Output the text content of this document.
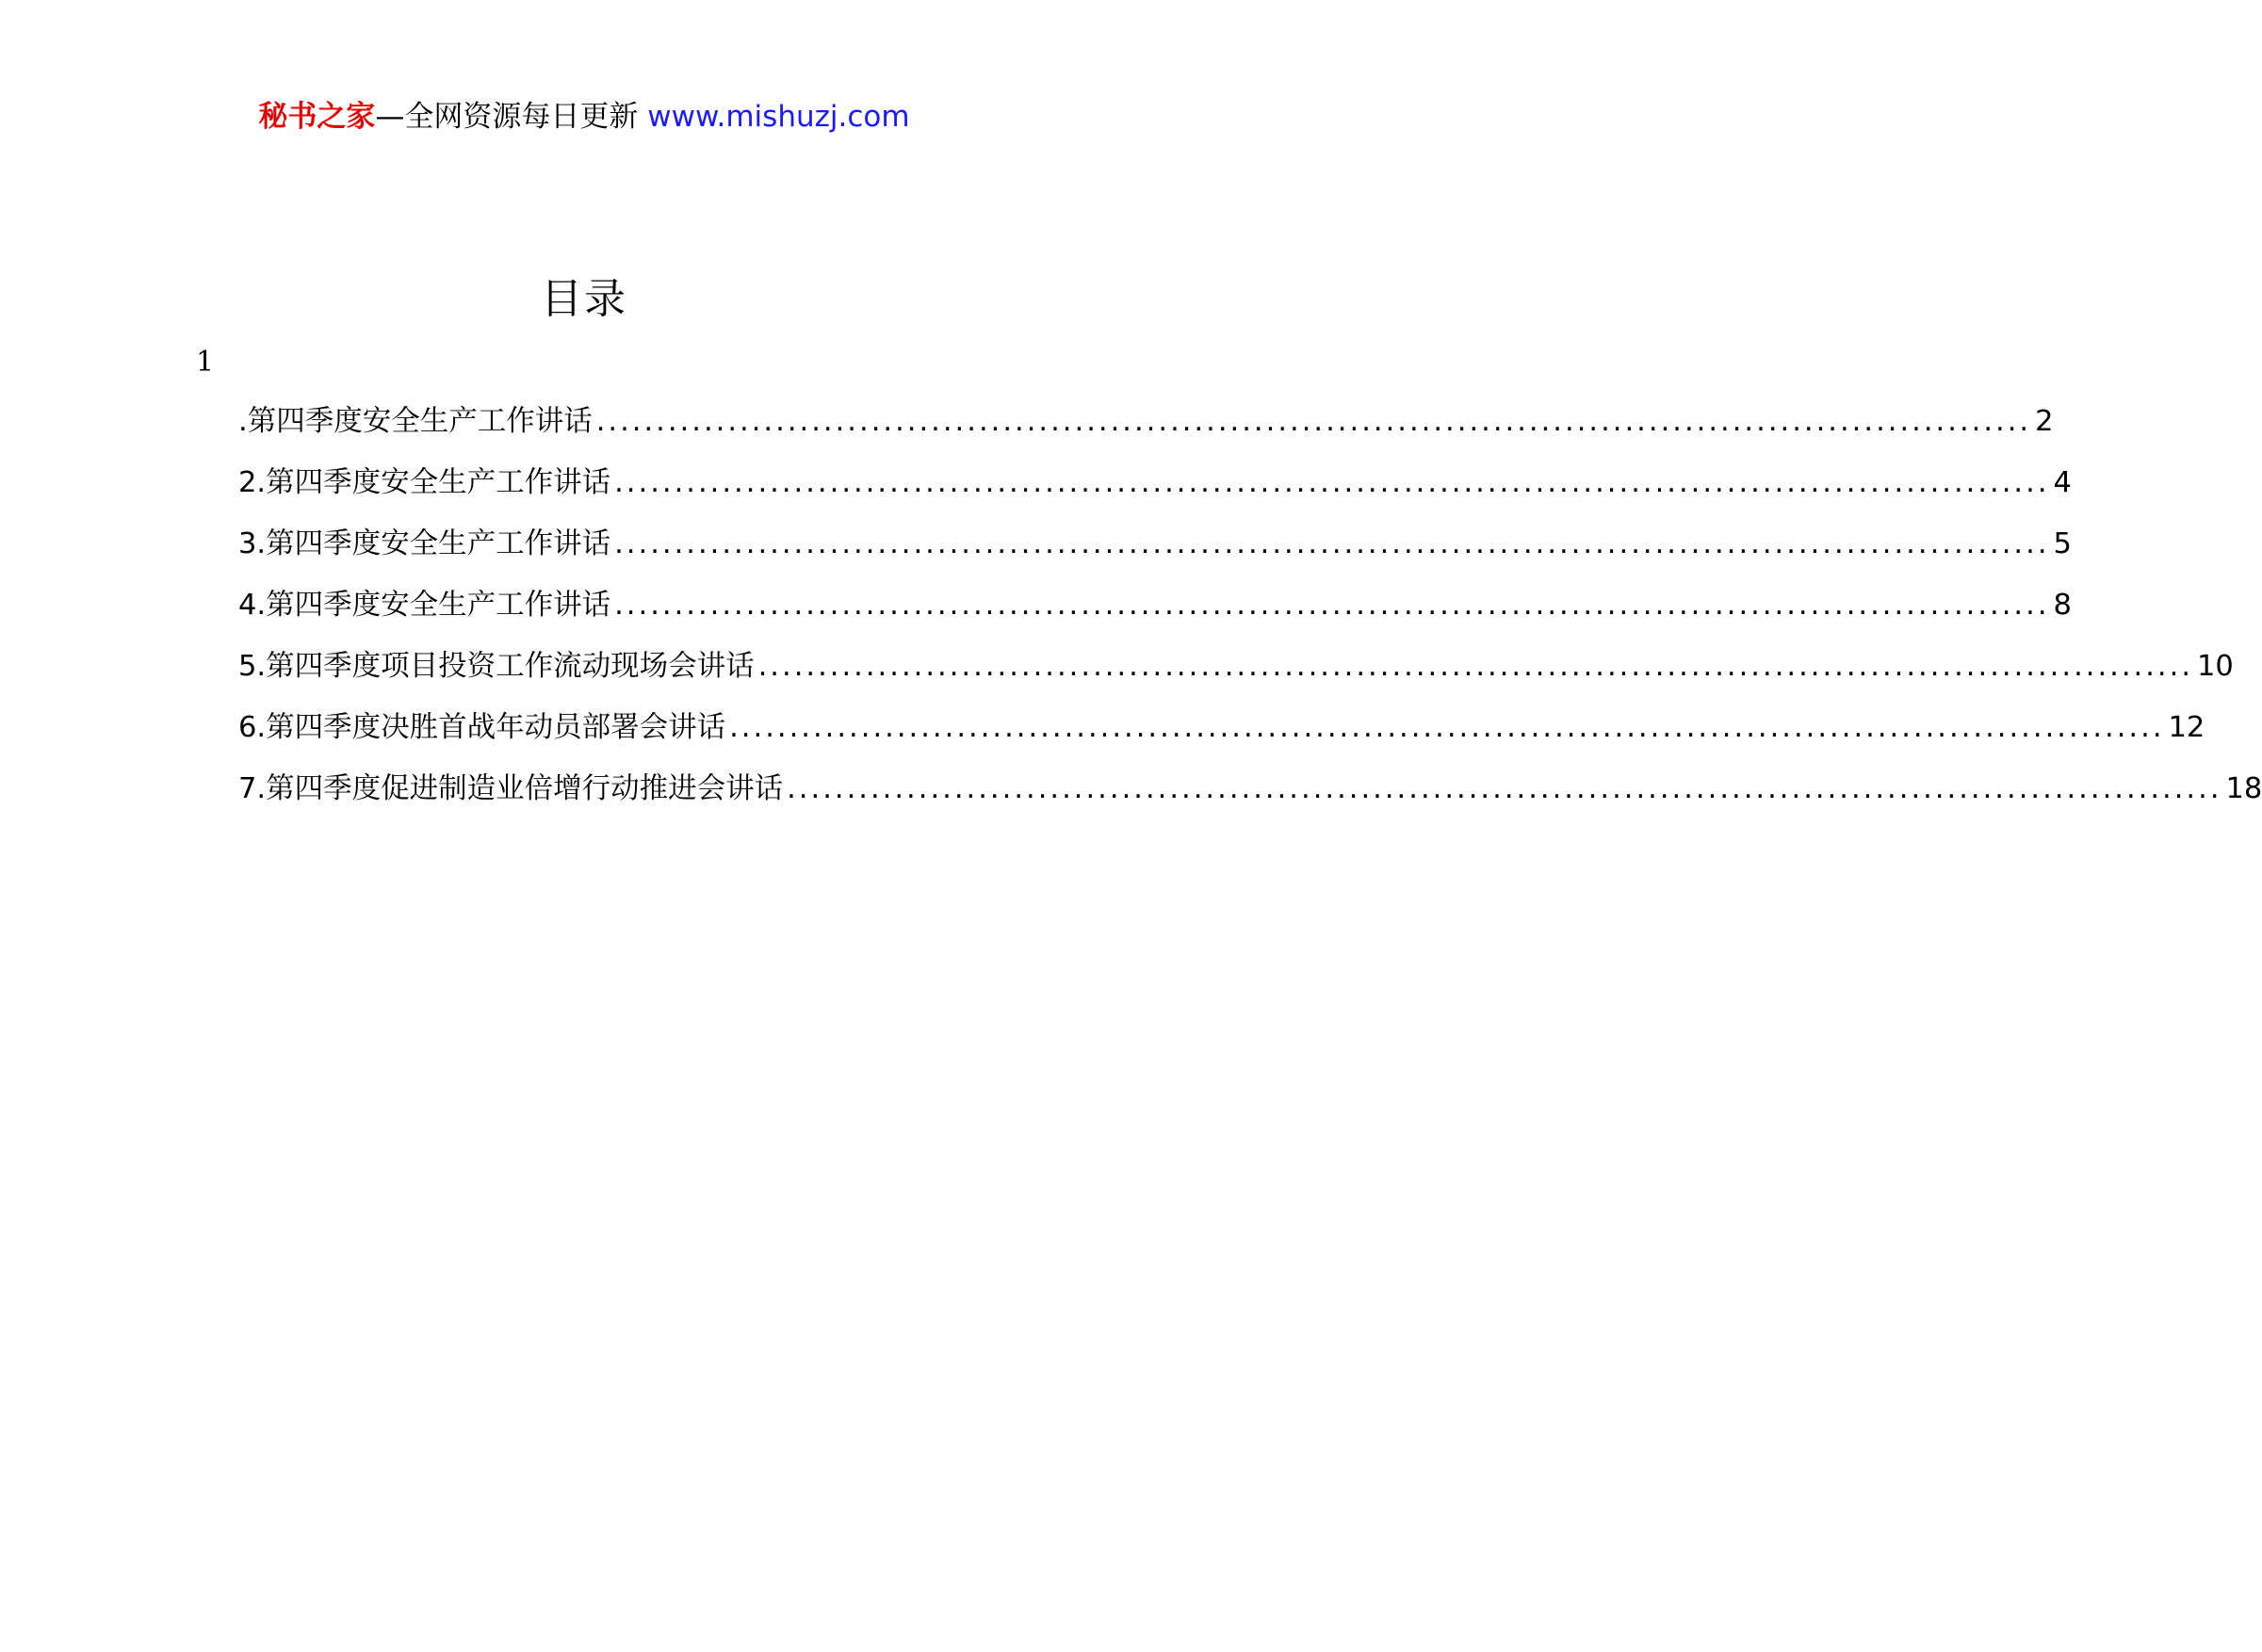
秘书之家—全网资源每日更新 www.mishuzj.com
目录
1
.第四季度安全生产工作讲话 ........................................................................................................................ 2
2.第四季度安全生产工作讲话 ........................................................................................................................ 4
3.第四季度安全生产工作讲话 ........................................................................................................................ 5
4.第四季度安全生产工作讲话 ........................................................................................................................ 8
5.第四季度项目投资工作流动现场会讲话 ........................................................................................................................ 10
6.第四季度决胜首战年动员部署会讲话 ........................................................................................................................ 12
7.第四季度促进制造业倍增行动推进会讲话 ........................................................................................................................ 18
